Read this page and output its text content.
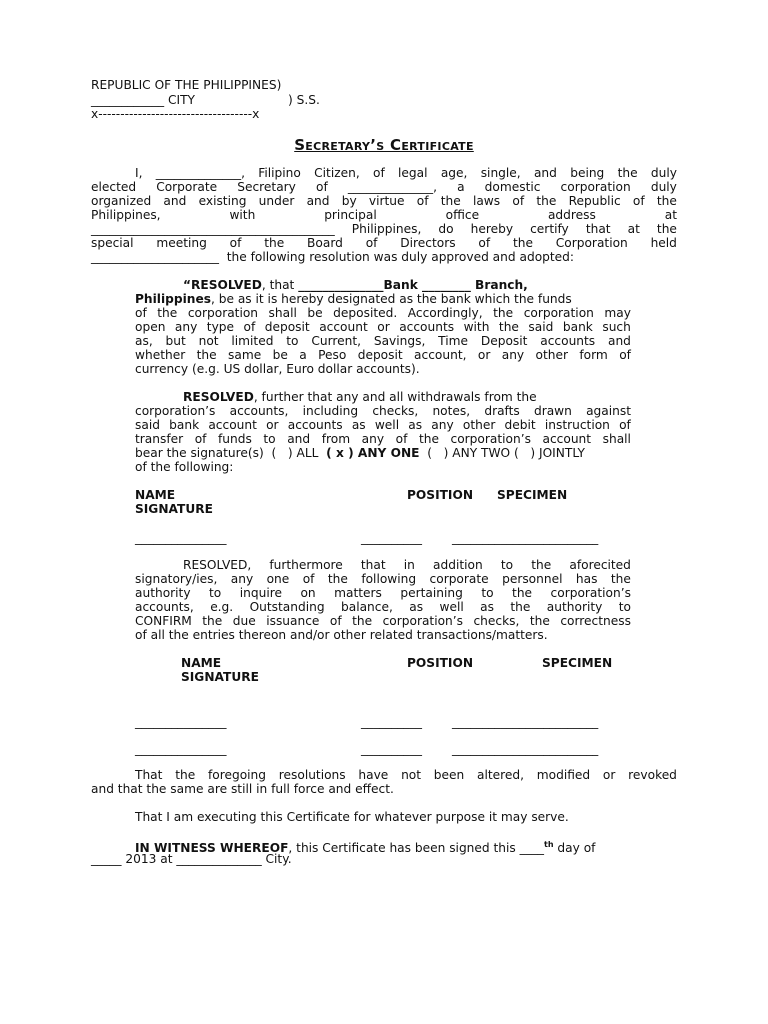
REPUBLIC OF THE PHILIPPINES)
____________ CITY                        ) S.S.
x-----------------------------------x
Secretary’s Certificate
I, ______________, Filipino Citizen, of legal age, single, and being the duly
elected Corporate Secretary of ______________, a domestic corporation duly
organized and existing under and by virtue of the laws of the Republic of the
Philippines,	with	principal	office	address	at
________________________________________ Philippines, do hereby certify that at the
special meeting of the Board of Directors of the Corporation held
_____________________  the following resolution was duly approved and adopted:
“RESOLVED, that ______________Bank ________ Branch,
Philippines, be as it is hereby designated as the bank which the funds
of the corporation shall be deposited. Accordingly, the corporation may
open any type of deposit account or accounts with the said bank such
as, but not limited to Current, Savings, Time Deposit accounts and
whether the same be a Peso deposit account, or any other form of
currency (e.g. US dollar, Euro dollar accounts).
RESOLVED, further that any and all withdrawals from the
corporation’s accounts, including checks, notes, drafts drawn against
said bank account or accounts as well as any other debit instruction of
transfer of funds to and from any of the corporation’s account shall
bear the signature(s)  (   ) ALL  ( x ) ANY ONE  (   ) ANY TWO (   ) JOINTLY
of the following:
NAME	POSITION SPECIMEN
SIGNATURE
_______________	__________ ________________________
RESOLVED, furthermore that in addition to the aforecited
signatory/ies, any one of the following corporate personnel has the
authority to inquire on matters pertaining to the corporation’s
accounts, e.g. Outstanding balance, as well as the authority to
CONFIRM the due issuance of the corporation’s checks, the correctness
of all the entries thereon and/or other related transactions/matters.
NAME	POSITION	SPECIMEN
SIGNATURE
_______________	__________ ________________________
_______________	__________ ________________________
That the foregoing resolutions have not been altered, modified or revoked
and that the same are still in full force and effect.
That I am executing this Certificate for whatever purpose it may serve.
IN WITNESS WHEREOF, this Certificate has been signed this ____$^{th}$ day of
_____ 2013 at ______________ City.
